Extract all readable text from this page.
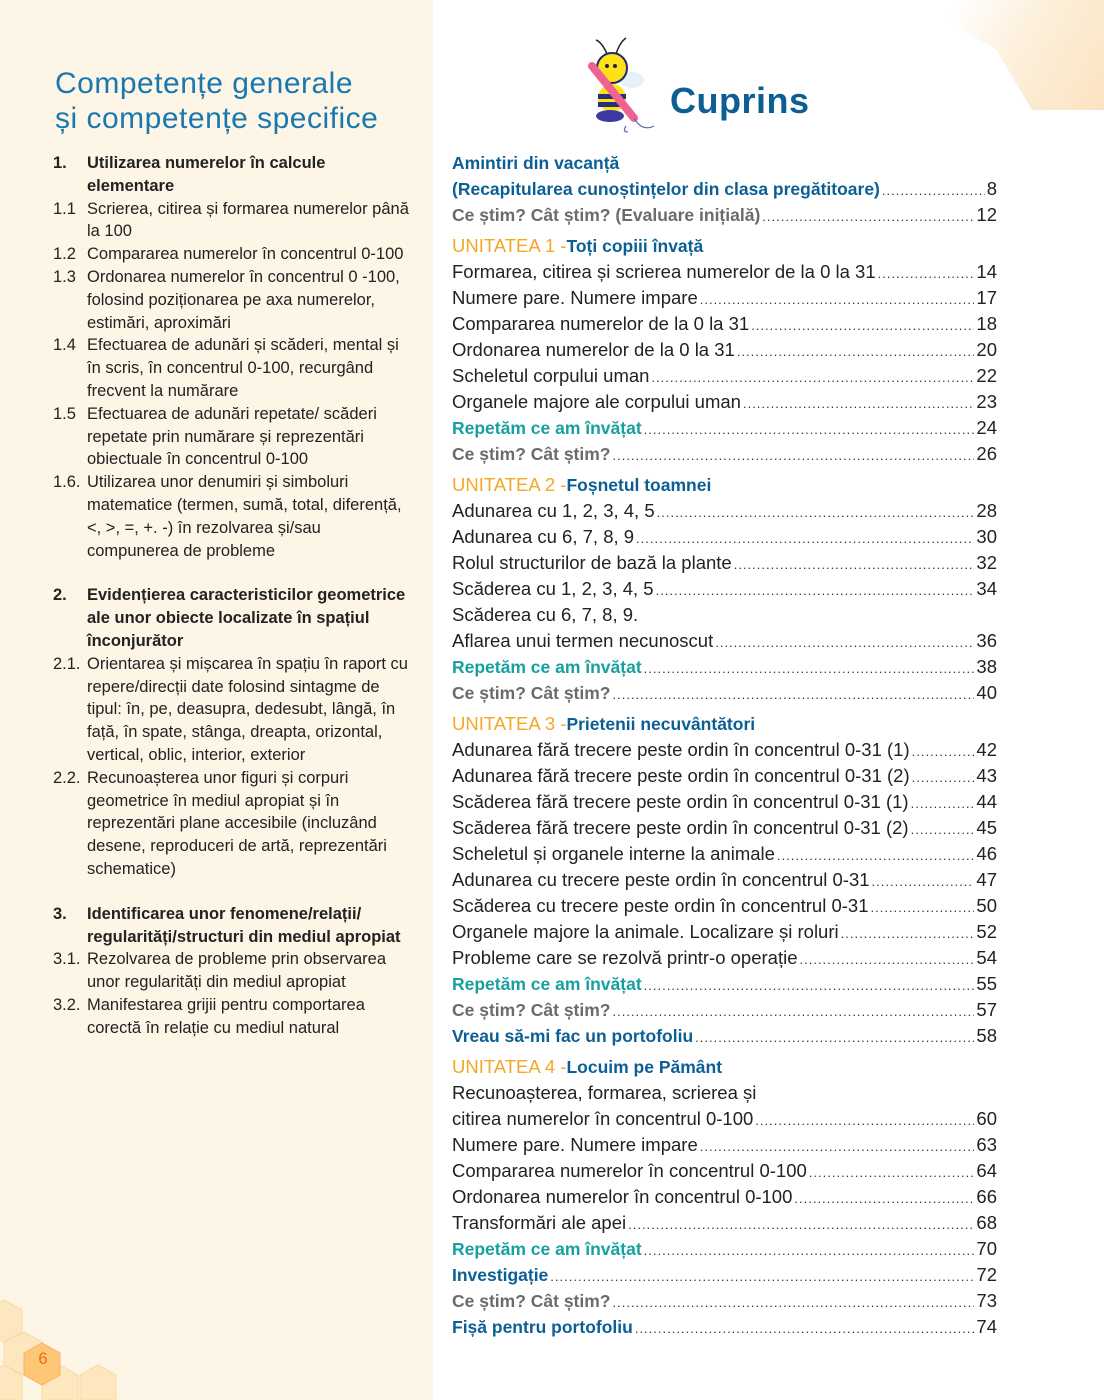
6
Competențe generale
și competențe specifice
1.	Utilizarea numerelor în calcule elementare
1.1 Scrierea, citirea și formarea numerelor până la 100
1.2 Compararea numerelor în concentrul 0-100
1.3 Ordonarea numerelor în concentrul 0 -100, folosind poziționarea pe axa numerelor, estimări, aproximări
1.4 Efectuarea de adunări și scăderi, mental și în scris, în concentrul 0-100, recurgând frecvent la numărare
1.5 Efectuarea de adunări repetate/ scăderi repetate prin numărare și reprezentări obiectuale în concentrul 0-100
1.6. Utilizarea unor denumiri și simboluri matematice (termen, sumă, total, diferență, <, >, =, +. -) în rezolvarea și/sau compunerea de probleme
2.	Evidențierea caracteristicilor geometrice ale unor obiecte localizate în spațiul înconjurător
2.1. Orientarea și mișcarea în spațiu în raport cu repere/direcții date folosind sintagme de tipul: în, pe, deasupra, dedesubt, lângă, în față, în spate, stânga, dreapta, orizontal, vertical, oblic, interior, exterior
2.2. Recunoașterea unor figuri și corpuri geometrice în mediul apropiat și în reprezentări plane accesibile (incluzând desene, reproduceri de artă, reprezentări schematice)
3.	Identificarea unor fenomene/relații/ regularități/structuri din mediul apropiat
3.1. Rezolvarea de probleme prin observarea unor regularități din mediul apropiat
3.2. Manifestarea grijii pentru comportarea corectă în relație cu mediul natural
Cuprins
Amintiri din vacanță
(Recapitularea cunoștințelor din clasa pregătitoare) .....	8
Ce știm? Cât știm? (Evaluare inițială) .....	12
UNITATEA 1 - Toți copiii învață
Formarea, citirea și scrierea numerelor de la 0 la 31 .....	14
Numere pare. Numere impare .....	17
Compararea numerelor de la 0 la 31 .....	18
Ordonarea numerelor de la 0 la 31 .....	20
Scheletul corpului uman .....	22
Organele majore ale corpului uman .....	23
Repetăm ce am învățat .....	24
Ce știm? Cât știm? .....	26
UNITATEA 2 - Foșnetul toamnei
Adunarea cu 1, 2, 3, 4, 5 .....	28
Adunarea cu 6, 7, 8, 9 .....	30
Rolul structurilor de bază la plante .....	32
Scăderea cu 1, 2, 3, 4, 5 .....	34
Scăderea cu 6, 7, 8, 9.
Aflarea unui termen necunoscut .....	36
Repetăm ce am învățat .....	38
Ce știm? Cât știm? .....	40
UNITATEA 3 - Prietenii necuvântători
Adunarea fără trecere peste ordin în concentrul 0-31 (1) .....	42
Adunarea fără trecere peste ordin în concentrul 0-31 (2) .....	43
Scăderea fără trecere peste ordin în concentrul 0-31 (1) .....	44
Scăderea fără trecere peste ordin în concentrul 0-31 (2) .....	45
Scheletul și organele interne la animale .....	46
Adunarea cu trecere peste ordin în concentrul 0-31 .....	47
Scăderea cu trecere peste ordin în concentrul 0-31 .....	50
Organele majore la animale. Localizare și roluri .....	52
Probleme care se rezolvă printr-o operație .....	54
Repetăm ce am învățat .....	55
Ce știm? Cât știm? .....	57
Vreau să-mi fac un portofoliu .....	58
UNITATEA 4 - Locuim pe Pământ
Recunoașterea, formarea, scrierea și
citirea numerelor în concentrul 0-100 .....	60
Numere pare. Numere impare .....	63
Compararea numerelor în concentrul 0-100 .....	64
Ordonarea numerelor în concentrul 0-100 .....	66
Transformări ale apei .....	68
Repetăm ce am învățat .....	70
Investigație .....	72
Ce știm? Cât știm? .....	73
Fișă pentru portofoliu .....	74
